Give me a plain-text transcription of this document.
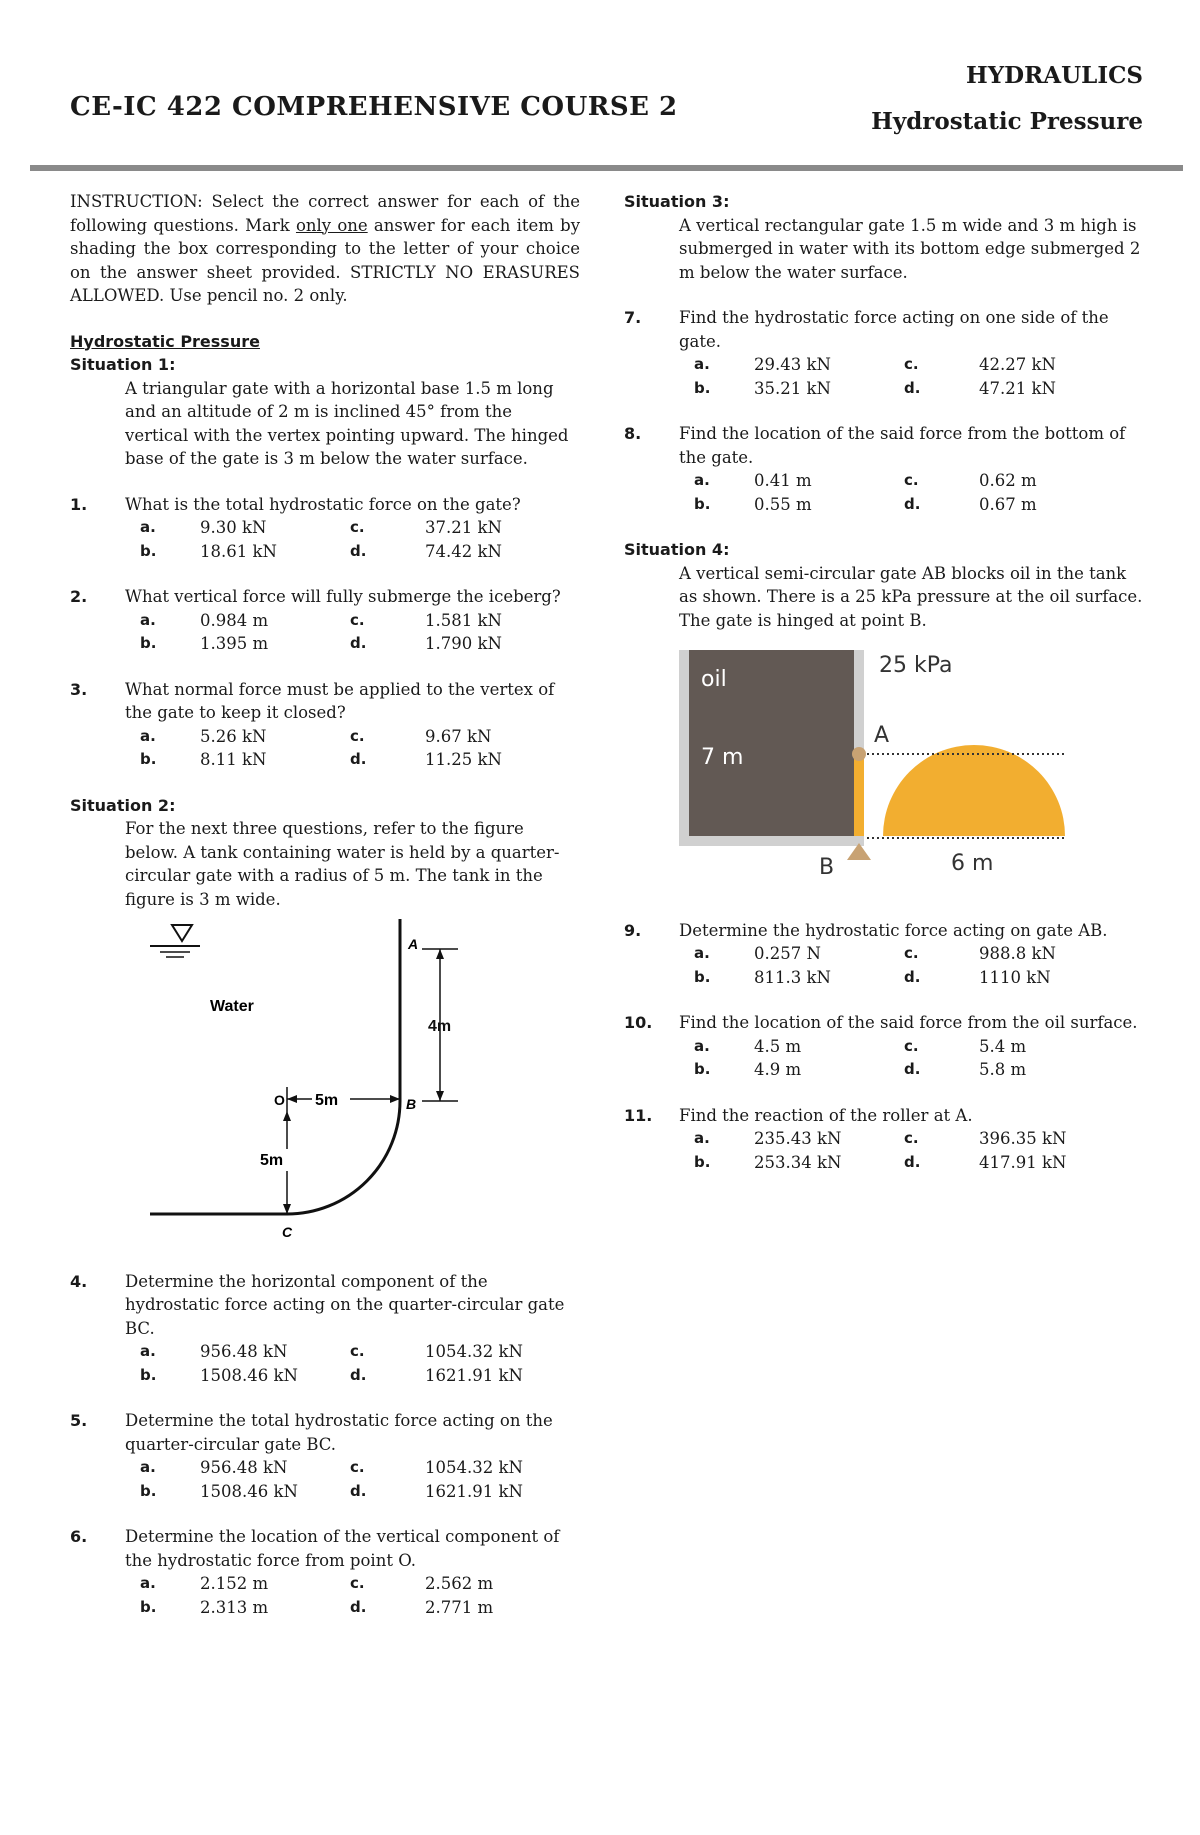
CE-IC 422 COMPREHENSIVE COURSE 2
HYDRAULICS
Hydrostatic Pressure

INSTRUCTION: Select the correct answer for each of the following questions. Mark only one answer for each item by shading the box corresponding to the letter of your choice on the answer sheet provided. STRICTLY NO ERASURES ALLOWED. Use pencil no. 2 only.

Hydrostatic Pressure

Situation 1:

A triangular gate with a horizontal base 1.5 m long and an altitude of 2 m is inclined 45° from the vertical with the vertex pointing upward. The hinged base of the gate is 3 m below the water surface.

1. What is the total hydrostatic force on the gate?

a.	9.30 kN	c.	37.21 kN
b.	18.61 kN	d.	74.42 kN

2. What vertical force will fully submerge the iceberg?

a.	0.984 m	c.	1.581 kN
b.	1.395 m	d.	1.790 kN

3. What normal force must be applied to the vertex of the gate to keep it closed?

a.	5.26 kN	c.	9.67 kN
b.	8.11 kN	d.	11.25 kN

Situation 2:

For the next three questions, refer to the figure below. A tank containing water is held by a quarter-circular gate with a radius of 5 m. The tank in the figure is 3 m wide.

A
B
C
Water
4m
O 5m
5m

4. Determine the horizontal component of the hydrostatic force acting on the quarter-circular gate BC.

a.	956.48 kN	c.	1054.32 kN
b.	1508.46 kN	d.	1621.91 kN

5. Determine the total hydrostatic force acting on the quarter-circular gate BC.

a.	956.48 kN	c.	1054.32 kN
b.	1508.46 kN	d.	1621.91 kN

6. Determine the location of the vertical component of the hydrostatic force from point O.

a.	2.152 m	c.	2.562 m
b.	2.313 m	d.	2.771 m

Situation 3:

A vertical rectangular gate 1.5 m wide and 3 m high is submerged in water with its bottom edge submerged 2 m below the water surface.

7. Find the hydrostatic force acting on one side of the gate.

a.	29.43 kN	c.	42.27 kN
b.	35.21 kN	d.	47.21 kN

8. Find the location of the said force from the bottom of the gate.

a.	0.41 m	c.	0.62 m
b.	0.55 m	d.	0.67 m

Situation 4:

A vertical semi-circular gate AB blocks oil in the tank as shown. There is a 25 kPa pressure at the oil surface. The gate is hinged at point B.

oil
7 m
25 kPa
A
B	6 m

9. Determine the hydrostatic force acting on gate AB.

a.	0.257 N	c.	988.8 kN
b.	811.3 kN	d.	1110 kN

10. Find the location of the said force from the oil surface.

a.	4.5 m	c.	5.4 m
b.	4.9 m	d.	5.8 m

11. Find the reaction of the roller at A.

a.	235.43 kN	c.	396.35 kN
b.	253.34 kN	d.	417.91 kN
